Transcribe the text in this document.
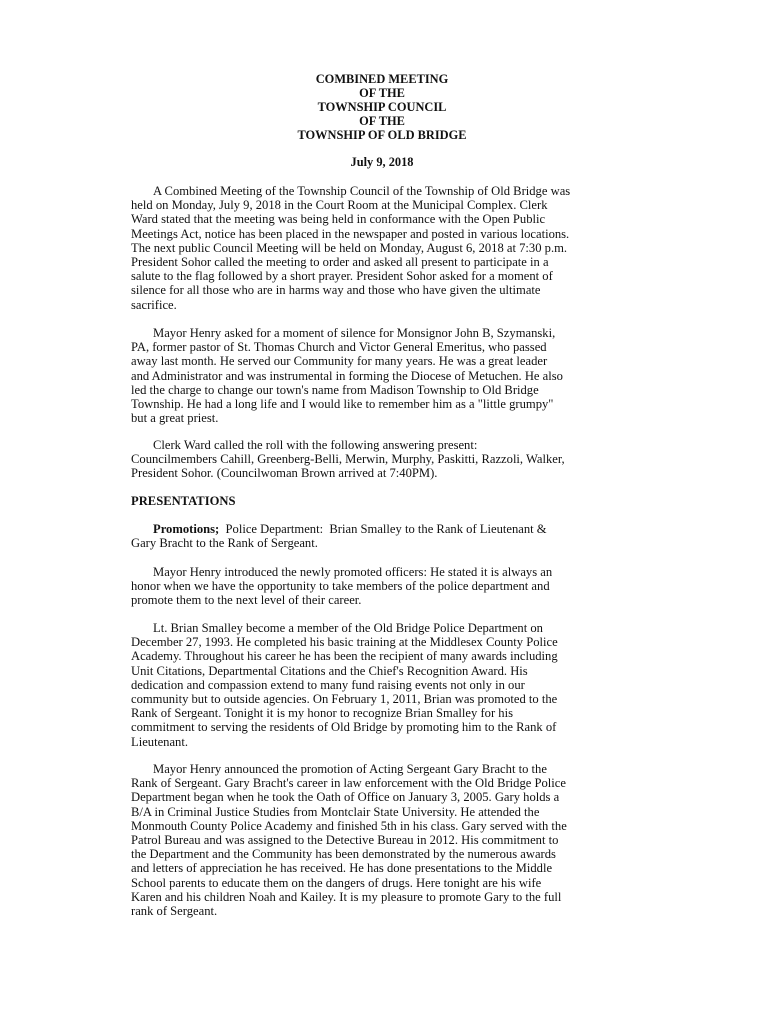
COMBINED MEETING
OF THE
TOWNSHIP COUNCIL
OF THE
TOWNSHIP OF OLD BRIDGE
July 9, 2018
A Combined Meeting of the Township Council of the Township of Old Bridge was
held on Monday, July 9, 2018 in the Court Room at the Municipal Complex. Clerk
Ward stated that the meeting was being held in conformance with the Open Public
Meetings Act, notice has been placed in the newspaper and posted in various locations.
The next public Council Meeting will be held on Monday, August 6, 2018 at 7:30 p.m.
President Sohor called the meeting to order and asked all present to participate in a
salute to the flag followed by a short prayer. President Sohor asked for a moment of
silence for all those who are in harms way and those who have given the ultimate
sacrifice.
Mayor Henry asked for a moment of silence for Monsignor John B, Szymanski,
PA, former pastor of St. Thomas Church and Victor General Emeritus, who passed
away last month. He served our Community for many years. He was a great leader
and Administrator and was instrumental in forming the Diocese of Metuchen. He also
led the charge to change our town's name from Madison Township to Old Bridge
Township. He had a long life and I would like to remember him as a "little grumpy"
but a great priest.
Clerk Ward called the roll with the following answering present:
Councilmembers Cahill, Greenberg-Belli, Merwin, Murphy, Paskitti, Razzoli, Walker,
President Sohor. (Councilwoman Brown arrived at 7:40PM).
PRESENTATIONS
Promotions;  Police Department:  Brian Smalley to the Rank of Lieutenant &
Gary Bracht to the Rank of Sergeant.
Mayor Henry introduced the newly promoted officers: He stated it is always an
honor when we have the opportunity to take members of the police department and
promote them to the next level of their career.
Lt. Brian Smalley become a member of the Old Bridge Police Department on
December 27, 1993. He completed his basic training at the Middlesex County Police
Academy. Throughout his career he has been the recipient of many awards including
Unit Citations, Departmental Citations and the Chief's Recognition Award. His
dedication and compassion extend to many fund raising events not only in our
community but to outside agencies. On February 1, 2011, Brian was promoted to the
Rank of Sergeant. Tonight it is my honor to recognize Brian Smalley for his
commitment to serving the residents of Old Bridge by promoting him to the Rank of
Lieutenant.
Mayor Henry announced the promotion of Acting Sergeant Gary Bracht to the
Rank of Sergeant. Gary Bracht's career in law enforcement with the Old Bridge Police
Department began when he took the Oath of Office on January 3, 2005. Gary holds a
B/A in Criminal Justice Studies from Montclair State University. He attended the
Monmouth County Police Academy and finished 5th in his class. Gary served with the
Patrol Bureau and was assigned to the Detective Bureau in 2012. His commitment to
the Department and the Community has been demonstrated by the numerous awards
and letters of appreciation he has received. He has done presentations to the Middle
School parents to educate them on the dangers of drugs. Here tonight are his wife
Karen and his children Noah and Kailey. It is my pleasure to promote Gary to the full
rank of Sergeant.
